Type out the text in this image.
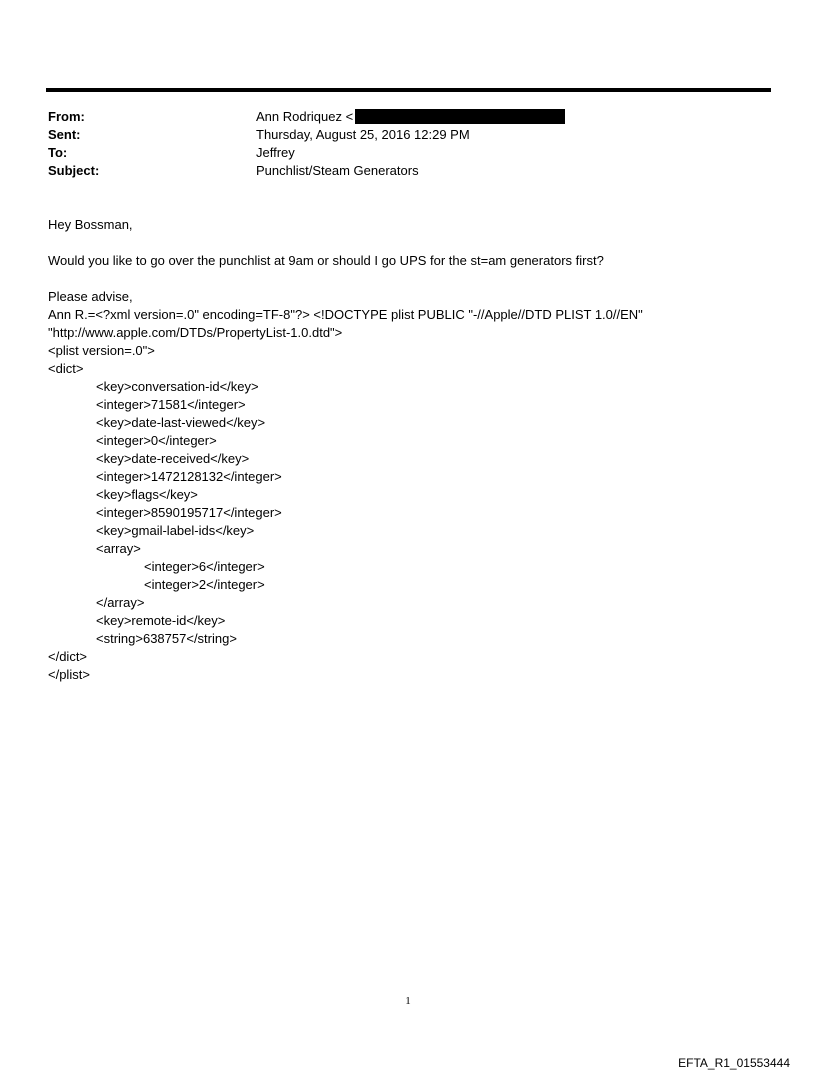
From:	Ann Rodriquez <
Sent:	Thursday, August 25, 2016 12:29 PM
To:	Jeffrey
Subject:	Punchlist/Steam Generators

Hey Bossman,

Would you like to go over the punchlist at 9am or should I go UPS for the st=am generators first?

Please advise,

Ann R.=<?xml version=.0" encoding=TF-8"?> <!DOCTYPE plist PUBLIC "-//Apple//DTD PLIST 1.0//EN"

"http://www.apple.com/DTDs/PropertyList-1.0.dtd">

<plist version=.0">

<dict>

<key>conversation-id</key>

<integer>71581</integer>

<key>date-last-viewed</key>

<integer>0</integer>

<key>date-received</key>

<integer>1472128132</integer>

<key>flags</key>

<integer>8590195717</integer>

<key>gmail-label-ids</key>

<array>

<integer>6</integer>

<integer>2</integer>

</array>

<key>remote-id</key>

<string>638757</string>

</dict>

</plist>

1
EFTA_R1_01553444
